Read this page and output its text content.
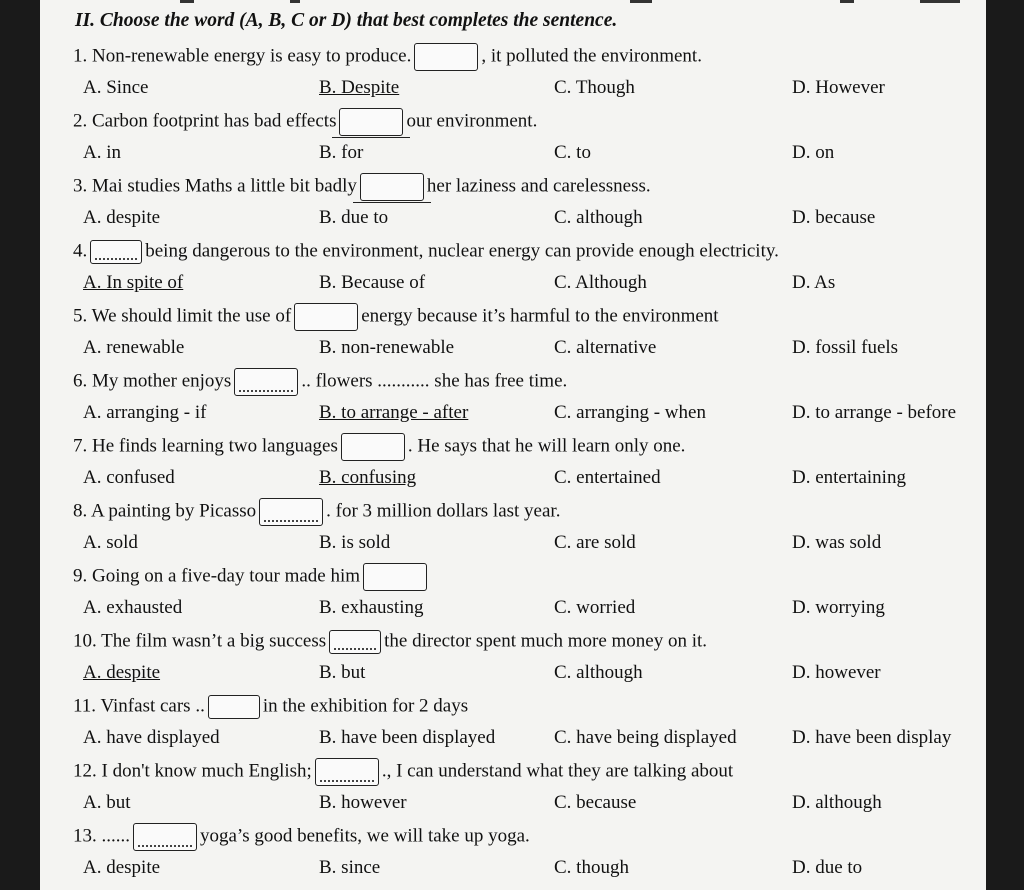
II. Choose the word (A, B, C or D) that best completes the sentence.
1. Non-renewable energy is easy to produce.	, it polluted the environment.
A. Since	B. Despite	C. Though	D. However
2. Carbon footprint has bad effects	our environment.
A. in	B. for	C. to	D. on
3. Mai studies Maths a little bit badly	her laziness and carelessness.
A. despite	B. due to	C. although	D. because
4.	being dangerous to the environment, nuclear energy can provide enough electricity.
A. In spite of	B. Because of	C. Although	D. As
5. We should limit the use of	energy because it’s harmful to the environment
A. renewable	B. non-renewable	C. alternative	D. fossil fuels
6. My mother enjoys	.. flowers ........... she has free time.
A. arranging - if	B. to arrange - after	C. arranging - when	D. to arrange - before
7. He finds learning two languages	. He says that he will learn only one.
A. confused	B. confusing	C. entertained	D. entertaining
8. A painting by Picasso	. for 3 million dollars last year.
A. sold	B. is sold	C. are sold	D. was sold
9. Going on a five-day tour made him
A. exhausted	B. exhausting	C. worried	D. worrying
10. The film wasn’t a big success	the director spent much more money on it.
A. despite	B. but	C. although	D. however
11. Vinfast cars ..	in the exhibition for 2 days
A. have displayed	B. have been displayed	C. have being displayed	D. have been display
12. I don't know much English;	., I can understand what they are talking about
A. but	B. however	C. because	D. although
13. ......	yoga’s good benefits, we will take up yoga.
A. despite	B. since	C. though	D. due to
